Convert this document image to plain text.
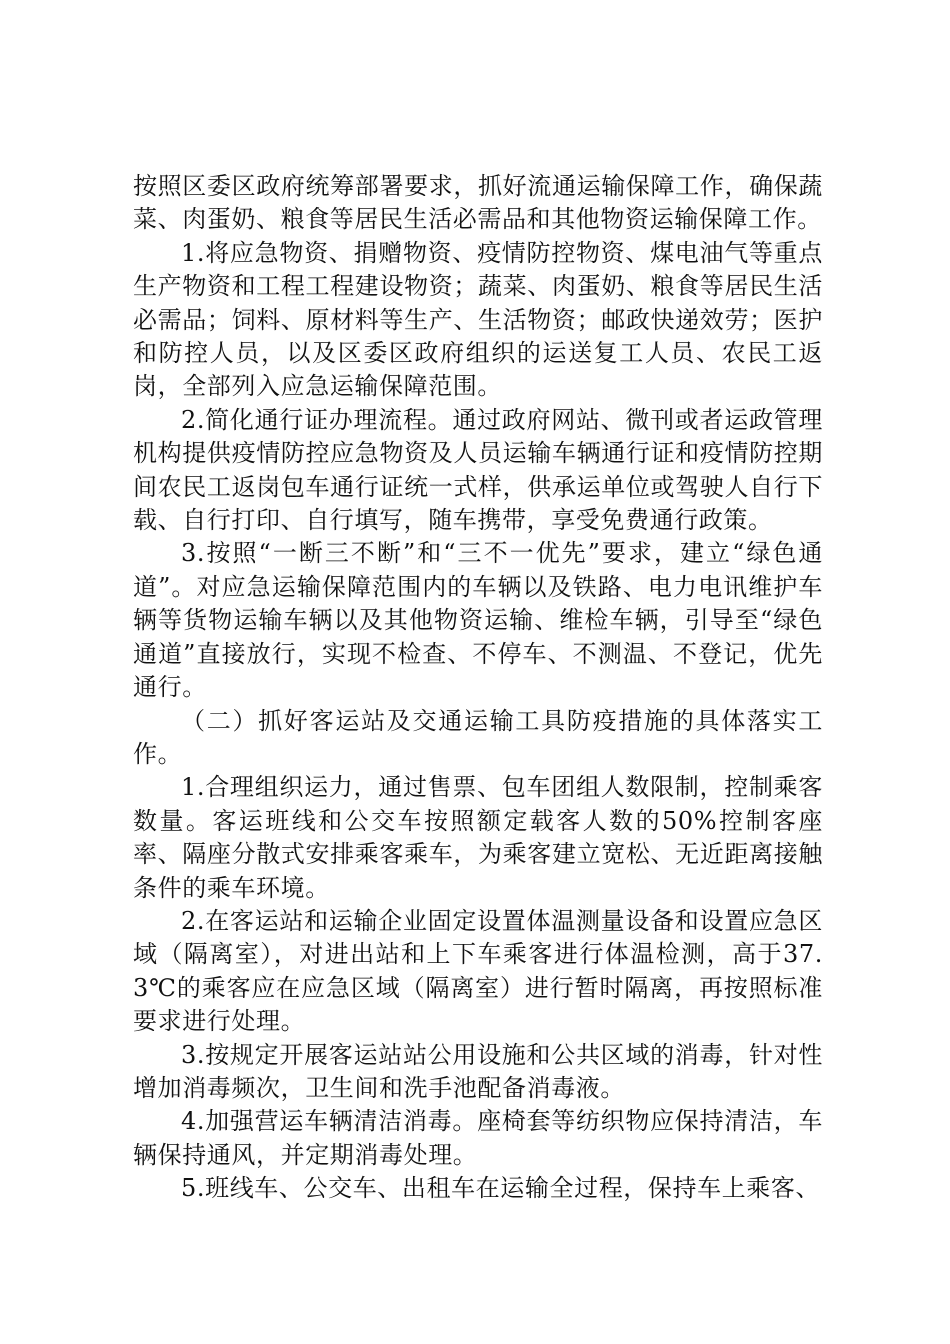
按照区委区政府统筹部署要求，抓好流通运输保障工作，确保蔬菜、肉蛋奶、粮食等居民生活必需品和其他物资运输保障工作。

1.将应急物资、捐赠物资、疫情防控物资、煤电油气等重点生产物资和工程工程建设物资；蔬菜、肉蛋奶、粮食等居民生活必需品；饲料、原材料等生产、生活物资；邮政快递效劳；医护和防控人员，以及区委区政府组织的运送复工人员、农民工返岗，全部列入应急运输保障范围。

2.简化通行证办理流程。通过政府网站、微刊或者运政管理机构提供疫情防控应急物资及人员运输车辆通行证和疫情防控期间农民工返岗包车通行证统一式样，供承运单位或驾驶人自行下载、自行打印、自行填写，随车携带，享受免费通行政策。

3.按照“一断三不断”和“三不一优先”要求，建立“绿色通道”。对应急运输保障范围内的车辆以及铁路、电力电讯维护车辆等货物运输车辆以及其他物资运输、维检车辆，引导至“绿色通道”直接放行，实现不检查、不停车、不测温、不登记，优先通行。

（二）抓好客运站及交通运输工具防疫措施的具体落实工作。

1.合理组织运力，通过售票、包车团组人数限制，控制乘客数量。客运班线和公交车按照额定载客人数的50%控制客座率、隔座分散式安排乘客乘车，为乘客建立宽松、无近距离接触条件的乘车环境。

2.在客运站和运输企业固定设置体温测量设备和设置应急区域（隔离室），对进出站和上下车乘客进行体温检测，高于37.3℃的乘客应在应急区域（隔离室）进行暂时隔离，再按照标准要求进行处理。

3.按规定开展客运站站公用设施和公共区域的消毒，针对性增加消毒频次，卫生间和洗手池配备消毒液。

4.加强营运车辆清洁消毒。座椅套等纺织物应保持清洁，车辆保持通风，并定期消毒处理。

5.班线车、公交车、出租车在运输全过程，保持车上乘客、
